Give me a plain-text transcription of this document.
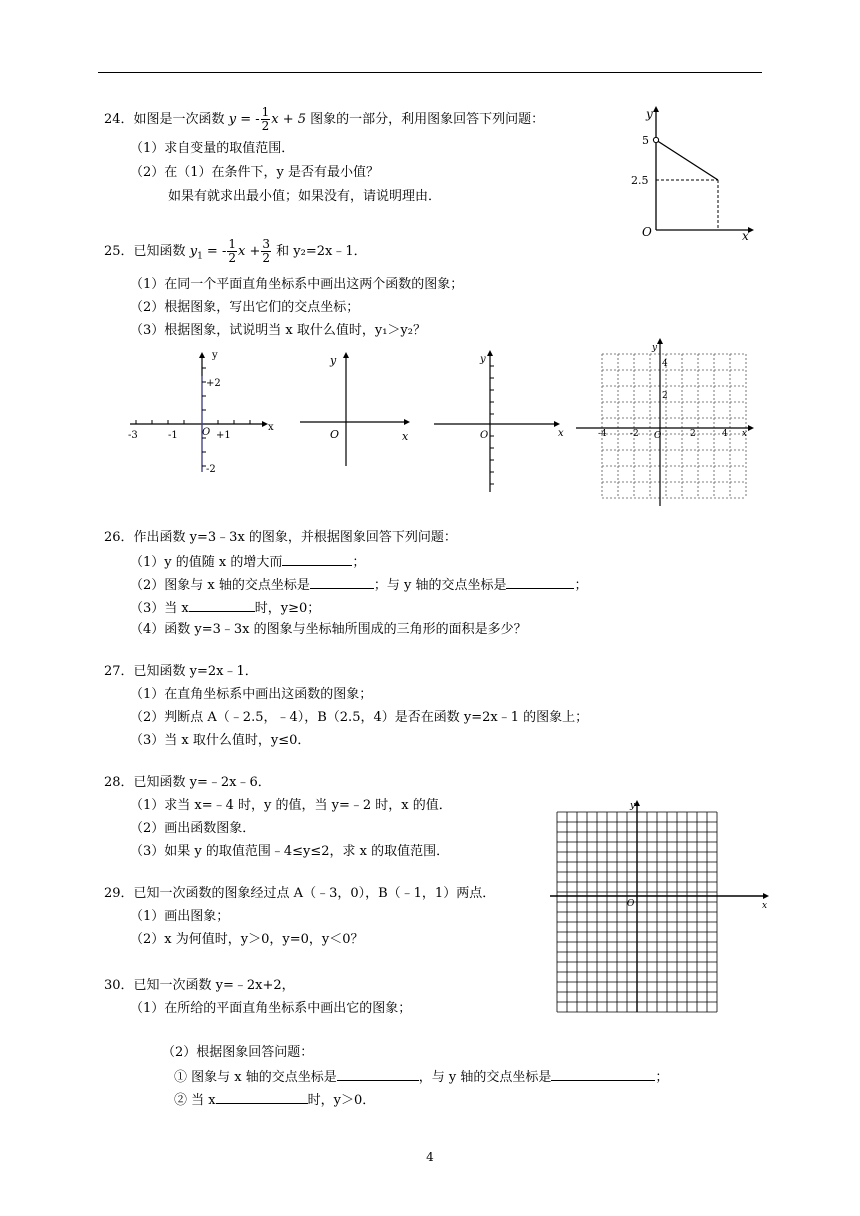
24．如图是一次函数 y = - $\frac{1}{2}$ x + 5 图象的一部分，利用图象回答下列问题：
（1）求自变量的取值范围．
（2）在（1）在条件下，y 是否有最小值？
如果有就求出最小值；如果没有，请说明理由．
y
x
O
5
2.5
25．已知函数 $y_1$ = - $\frac{1}{2}$ $x + \frac{3}{2}$ 和 y₂=2x﹣1．
（1）在同一个平面直角坐标系中画出这两个函数的图象；
（2）根据图象，写出它们的交点坐标；
（3）根据图象，试说明当 x 取什么值时，y₁＞y₂？
y
x
O
+2
-2
-3	-1	+1
y
x
O
y
x
O
y
x
O
4
2
-4	-2	2	4
26．作出函数 y=3﹣3x 的图象，并根据图象回答下列问题：
（1）y 的值随 x 的增大而	；
（2）图象与 x 轴的交点坐标是	；与 y 轴的交点坐标是	；
（3）当 x	时，y≥0；
（4）函数 y=3﹣3x 的图象与坐标轴所围成的三角形的面积是多少？
27．已知函数 y=2x﹣1．
（1）在直角坐标系中画出这函数的图象；
（2）判断点 A（﹣2.5，﹣4），B（2.5，4）是否在函数 y=2x﹣1 的图象上；
（3）当 x 取什么值时，y≤0．
28．已知函数 y=﹣2x﹣6．
（1）求当 x=﹣4 时，y 的值，当 y=﹣2 时，x 的值．
（2）画出函数图象．
（3）如果 y 的取值范围﹣4≤y≤2，求 x 的取值范围．
y
x
O
29．已知一次函数的图象经过点 A（﹣3，0），B（﹣1，1）两点．
（1）画出图象；
（2）x 为何值时，y＞0，y=0，y＜0？
30．已知一次函数 y=﹣2x+2，
（1）在所给的平面直角坐标系中画出它的图象；
（2）根据图象回答问题：
① 图象与 x 轴的交点坐标是	，与 y 轴的交点坐标是	；
② 当 x	时，y＞0．
4
